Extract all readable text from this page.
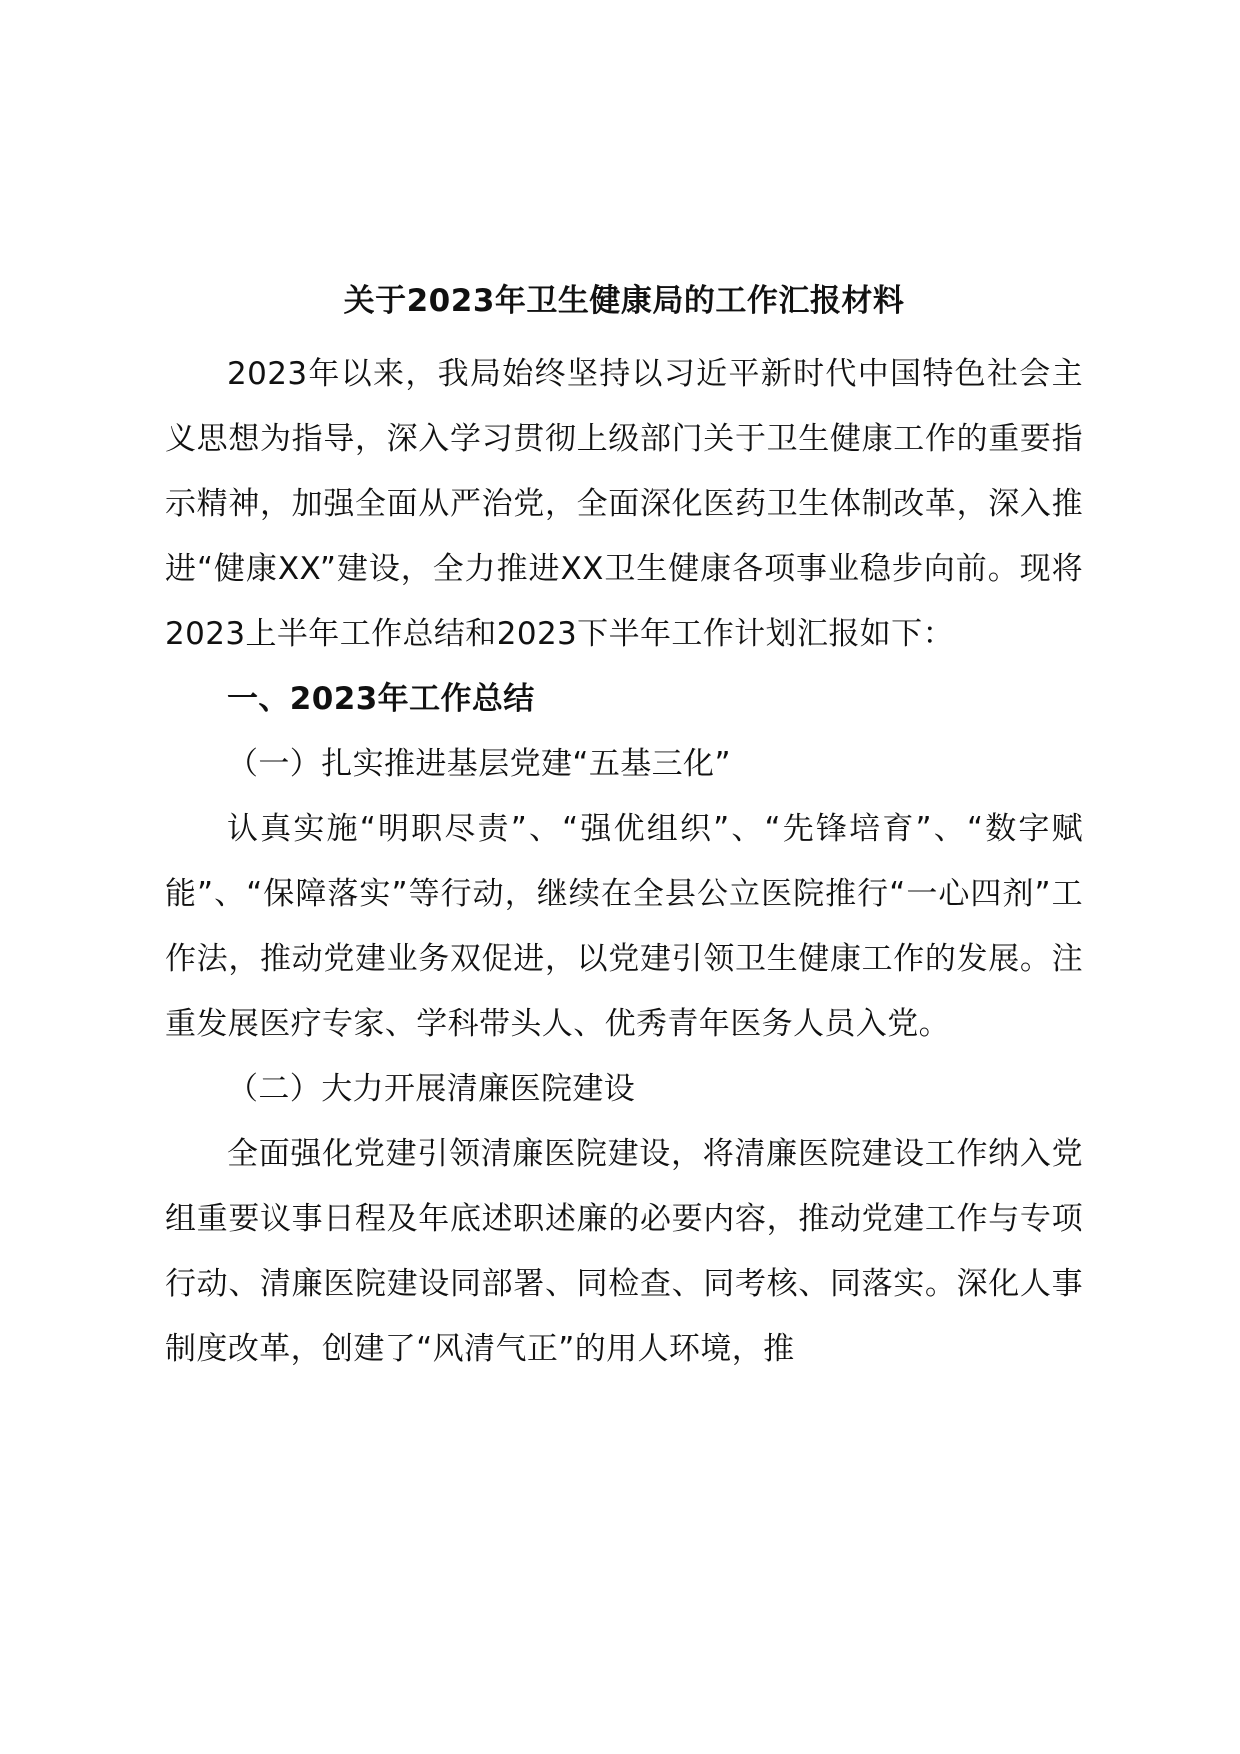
关于2023年卫生健康局的工作汇报材料

2023年以来，我局始终坚持以习近平新时代中国特色社会主义思想为指导，深入学习贯彻上级部门关于卫生健康工作的重要指示精神，加强全面从严治党，全面深化医药卫生体制改革，深入推进“健康XX”建设，全力推进XX卫生健康各项事业稳步向前。现将2023上半年工作总结和2023下半年工作计划汇报如下：

一、2023年工作总结

（一）扎实推进基层党建“五基三化”

认真实施“明职尽责”、“强优组织”、“先锋培育”、“数字赋能”、“保障落实”等行动，继续在全县公立医院推行“一心四剂”工作法，推动党建业务双促进，以党建引领卫生健康工作的发展。注重发展医疗专家、学科带头人、优秀青年医务人员入党。

（二）大力开展清廉医院建设

全面强化党建引领清廉医院建设，将清廉医院建设工作纳入党组重要议事日程及年底述职述廉的必要内容，推动党建工作与专项行动、清廉医院建设同部署、同检查、同考核、同落实。深化人事制度改革，创建了“风清气正”的用人环境，推
